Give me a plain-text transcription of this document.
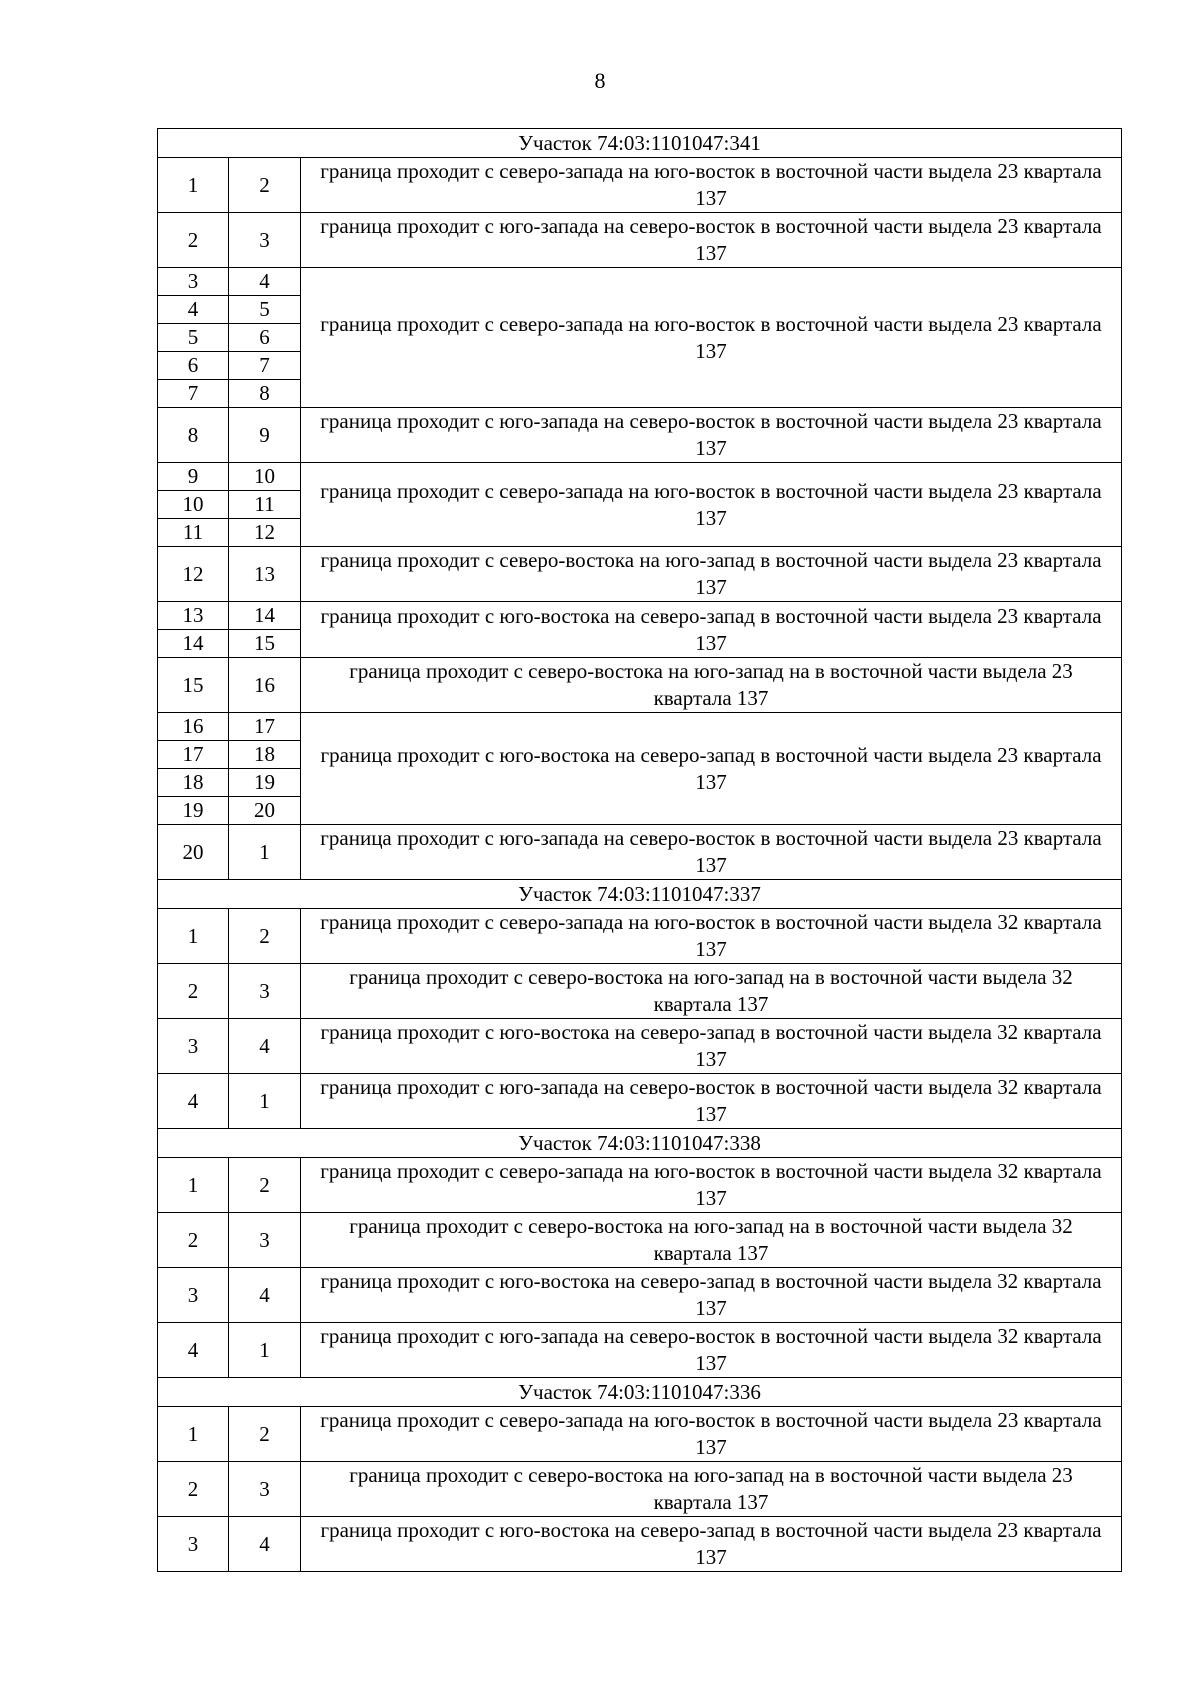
8
Участок 74:03:1101047:341		
1	2	граница проходит с северо-запада на юго-восток в восточной части выдела 23 квартала 137
2	3	граница проходит с юго-запада на северо-восток в восточной части выдела 23 квартала 137
3	4	граница проходит с северо-запада на юго-восток в восточной части выдела 23 квартала 137
4	5	
5	6	
6	7	
7	8	
8	9	граница проходит с юго-запада на северо-восток в восточной части выдела 23 квартала 137
9	10	граница проходит с северо-запада на юго-восток в восточной части выдела 23 квартала 137
10	11	
11	12	
12	13	граница проходит с северо-востока на юго-запад в восточной части выдела 23 квартала 137
13	14	граница проходит с юго-востока на северо-запад в восточной части выдела 23 квартала 137
14	15	
15	16	граница проходит с северо-востока на юго-запад на в восточной части выдела 23 квартала 137
16	17	граница проходит с юго-востока на северо-запад в восточной части выдела 23 квартала 137
17	18	
18	19	
19	20	
20	1	граница проходит с юго-запада на северо-восток в восточной части выдела 23 квартала 137
Участок 74:03:1101047:337		
1	2	граница проходит с северо-запада на юго-восток в восточной части выдела 32 квартала 137
2	3	граница проходит с северо-востока на юго-запад на в восточной части выдела 32 квартала 137
3	4	граница проходит с юго-востока на северо-запад в восточной части выдела 32 квартала 137
4	1	граница проходит с юго-запада на северо-восток в восточной части выдела 32 квартала 137
Участок 74:03:1101047:338		
1	2	граница проходит с северо-запада на юго-восток в восточной части выдела 32 квартала 137
2	3	граница проходит с северо-востока на юго-запад на в восточной части выдела 32 квартала 137
3	4	граница проходит с юго-востока на северо-запад в восточной части выдела 32 квартала 137
4	1	граница проходит с юго-запада на северо-восток в восточной части выдела 32 квартала 137
Участок 74:03:1101047:336		
1	2	граница проходит с северо-запада на юго-восток в восточной части выдела 23 квартала 137
2	3	граница проходит с северо-востока на юго-запад на в восточной части выдела 23 квартала 137
3	4	граница проходит с юго-востока на северо-запад в восточной части выдела 23 квартала 137
